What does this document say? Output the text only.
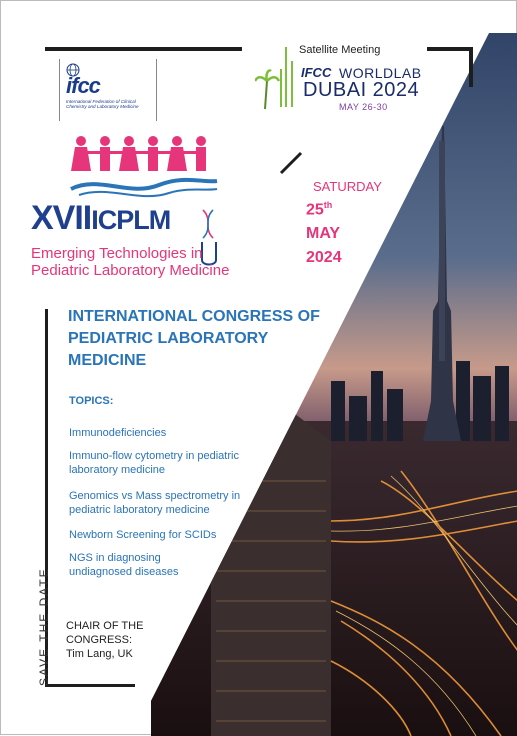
ifcc
International Federation of Clinical Chemistry and Laboratory Medicine
Satellite Meeting
IFCC WORLDLAB
DUBAI 2024
MAY 26-30
XVIIICPLM
Emerging Technologies in Pediatric Laboratory Medicine
SATURDAY
25th
MAY
2024
INTERNATIONAL CONGRESS OF PEDIATRIC LABORATORY MEDICINE
TOPICS:
Immunodeficiencies
Immuno-flow cytometry in pediatric laboratory medicine
Genomics vs Mass spectrometry in pediatric laboratory medicine
Newborn Screening for SCIDs
NGS in diagnosing undiagnosed diseases
CHAIR OF THE CONGRESS:
Tim Lang, UK
SAVE THE DATE
